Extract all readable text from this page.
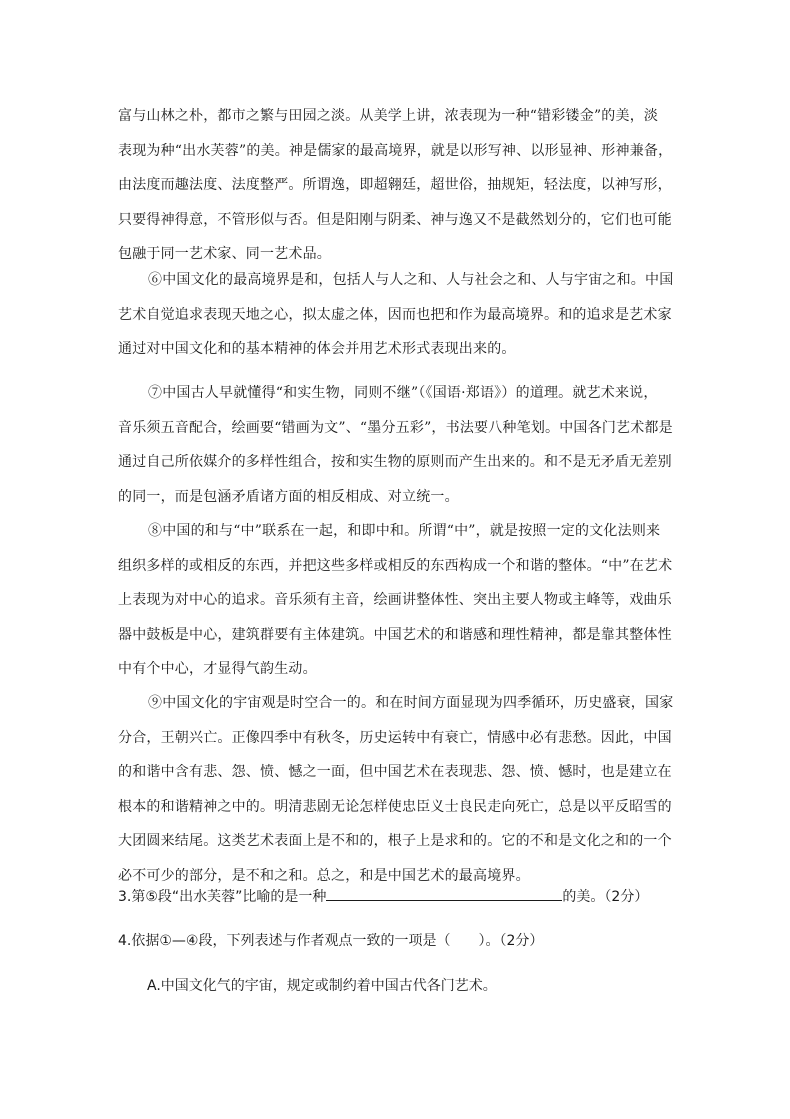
富与山林之朴，都市之繁与田园之淡。从美学上讲，浓表现为一种“错彩镂金”的美，淡
表现为种“出水芙蓉”的美。神是儒家的最高境界，就是以形写神、以形显神、形神兼备，
由法度而趣法度、法度整严。所谓逸，即超翱廷，超世俗，抽规矩，轻法度，以神写形，
只要得神得意，不管形似与否。但是阳刚与阴柔、神与逸又不是截然划分的，它们也可能
包融于同一艺术家、同一艺术品。
⑥中国文化的最高境界是和，包括人与人之和、人与社会之和、人与宇宙之和。中国
艺术自觉追求表现天地之心，拟太虚之体，因而也把和作为最高境界。和的追求是艺术家
通过对中国文化和的基本精神的体会并用艺术形式表现出来的。
⑦中国古人早就懂得“和实生物，同则不继”（《国语·郑语》）的道理。就艺术来说，
音乐须五音配合，绘画要“错画为文”、“墨分五彩”，书法要八种笔划。中国各门艺术都是
通过自己所依媒介的多样性组合，按和实生物的原则而产生出来的。和不是无矛盾无差别
的同一，而是包涵矛盾诸方面的相反相成、对立统一。
⑧中国的和与“中”联系在一起，和即中和。所谓“中”，就是按照一定的文化法则来
组织多样的或相反的东西，并把这些多样或相反的东西构成一个和谐的整体。“中”在艺术
上表现为对中心的追求。音乐须有主音，绘画讲整体性、突出主要人物或主峰等，戏曲乐
器中鼓板是中心，建筑群要有主体建筑。中国艺术的和谐感和理性精神，都是靠其整体性
中有个中心，才显得气韵生动。
⑨中国文化的宇宙观是时空合一的。和在时间方面显现为四季循环，历史盛衰，国家
分合，王朝兴亡。正像四季中有秋冬，历史运转中有衰亡，情感中必有悲愁。因此，中国
的和谐中含有悲、怨、愤、憾之一面，但中国艺术在表现悲、怨、愤、憾时，也是建立在
根本的和谐精神之中的。明清悲剧无论怎样使忠臣义士良民走向死亡，总是以平反昭雪的
大团圆来结尾。这类艺术表面上是不和的，根子上是求和的。它的不和是文化之和的一个
必不可少的部分，是不和之和。总之，和是中国艺术的最高境界。
3.第⑤段“出水芙蓉”比喻的是一种	的美。（2分）
4.依据①—④段，下列表述与作者观点一致的一项是（　　）。（2分）
A.中国文化气的宇宙，规定或制约着中国古代各门艺术。
